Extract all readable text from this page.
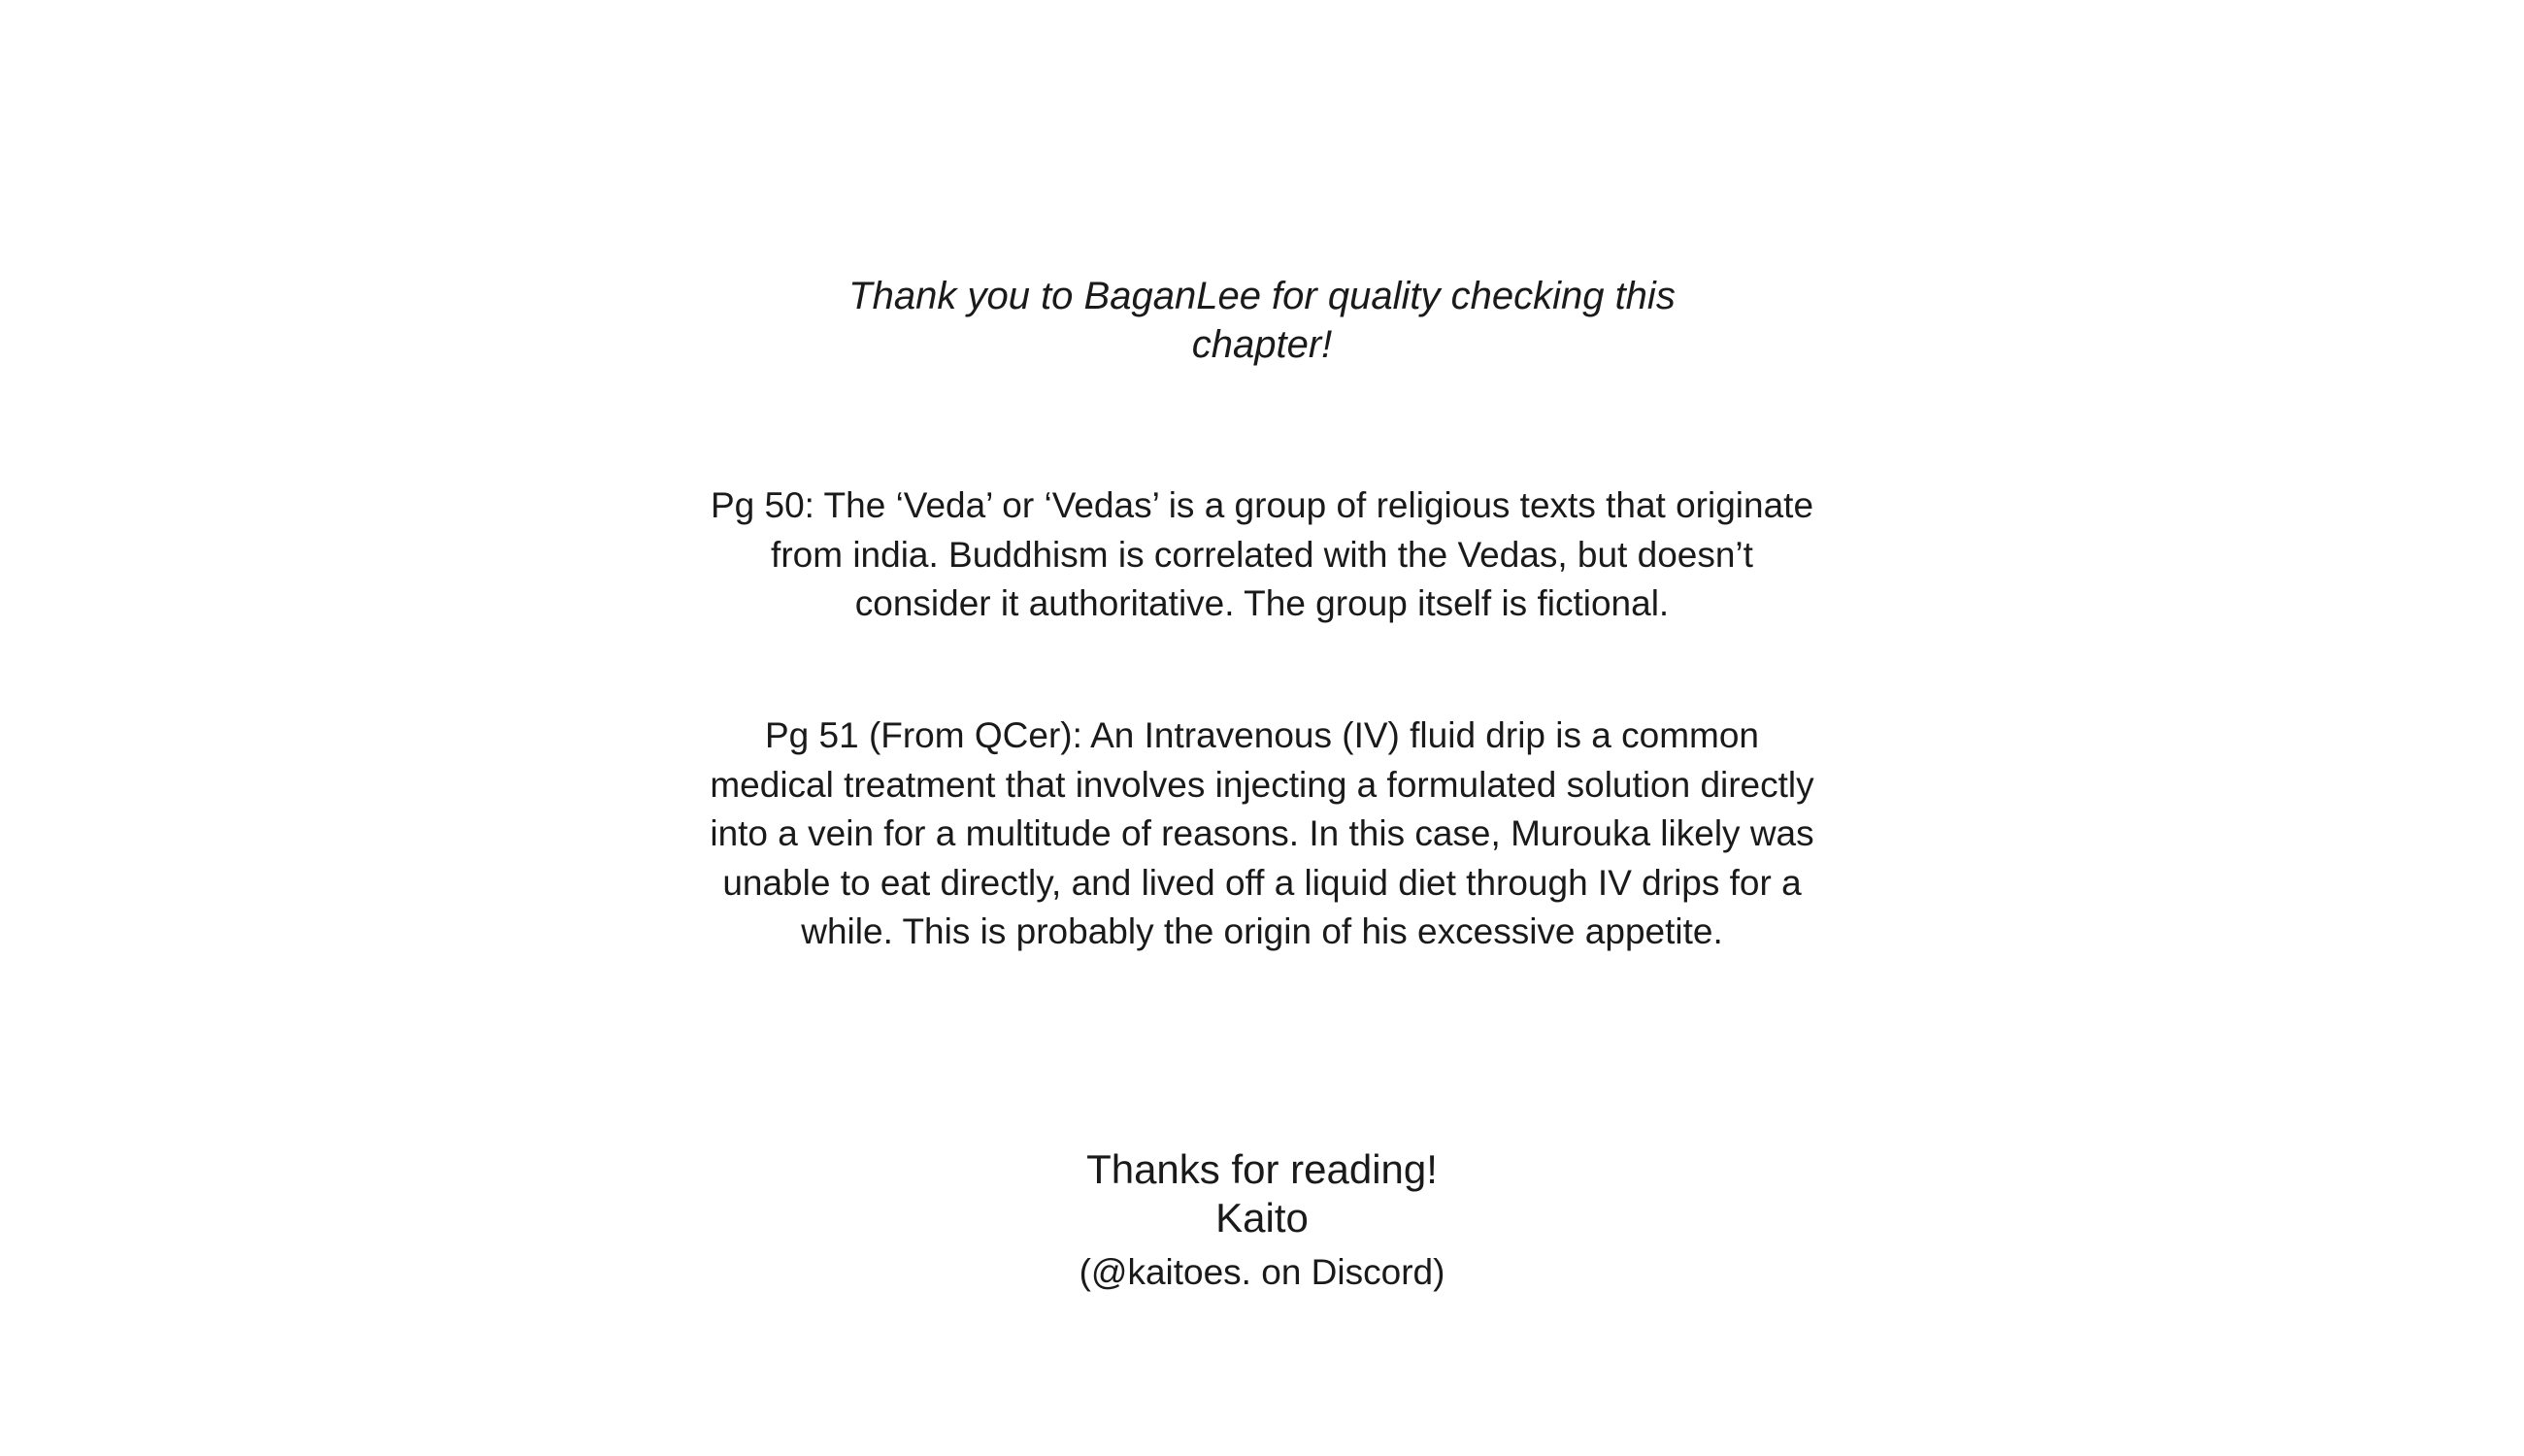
Thank you to BaganLee for quality checking this chapter!

Pg 50: The ‘Veda’ or ‘Vedas’ is a group of religious texts that originate from india. Buddhism is correlated with the Vedas, but doesn’t consider it authoritative. The group itself is fictional.

Pg 51 (From QCer): An Intravenous (IV) fluid drip is a common medical treatment that involves injecting a formulated solution directly into a vein for a multitude of reasons. In this case, Murouka likely was unable to eat directly, and lived off a liquid diet through IV drips for a while. This is probably the origin of his excessive appetite.

Thanks for reading!
Kaito
(@kaitoes. on Discord)
